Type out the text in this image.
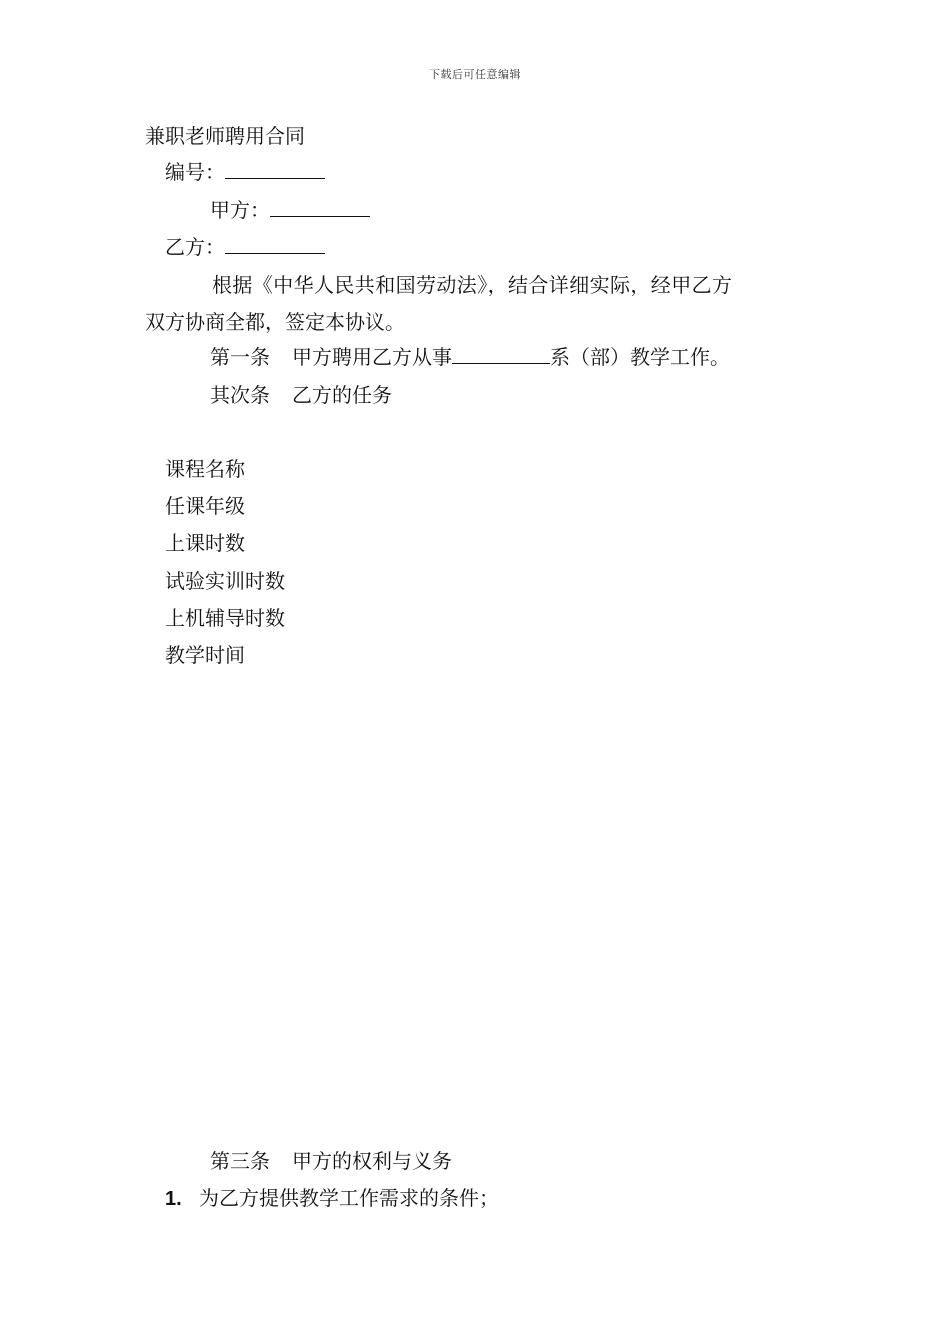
下载后可任意编辑
兼职老师聘用合同
编号：
甲方：
乙方：
根据《中华人民共和国劳动法》，结合详细实际，经甲乙方
双方协商全都，签定本协议。
第一条 甲方聘用乙方从事	系（部）教学工作。
其次条 乙方的任务
课程名称
任课年级
上课时数
试验实训时数
上机辅导时数
教学时间
第三条 甲方的权利与义务
1. 为乙方提供教学工作需求的条件；
